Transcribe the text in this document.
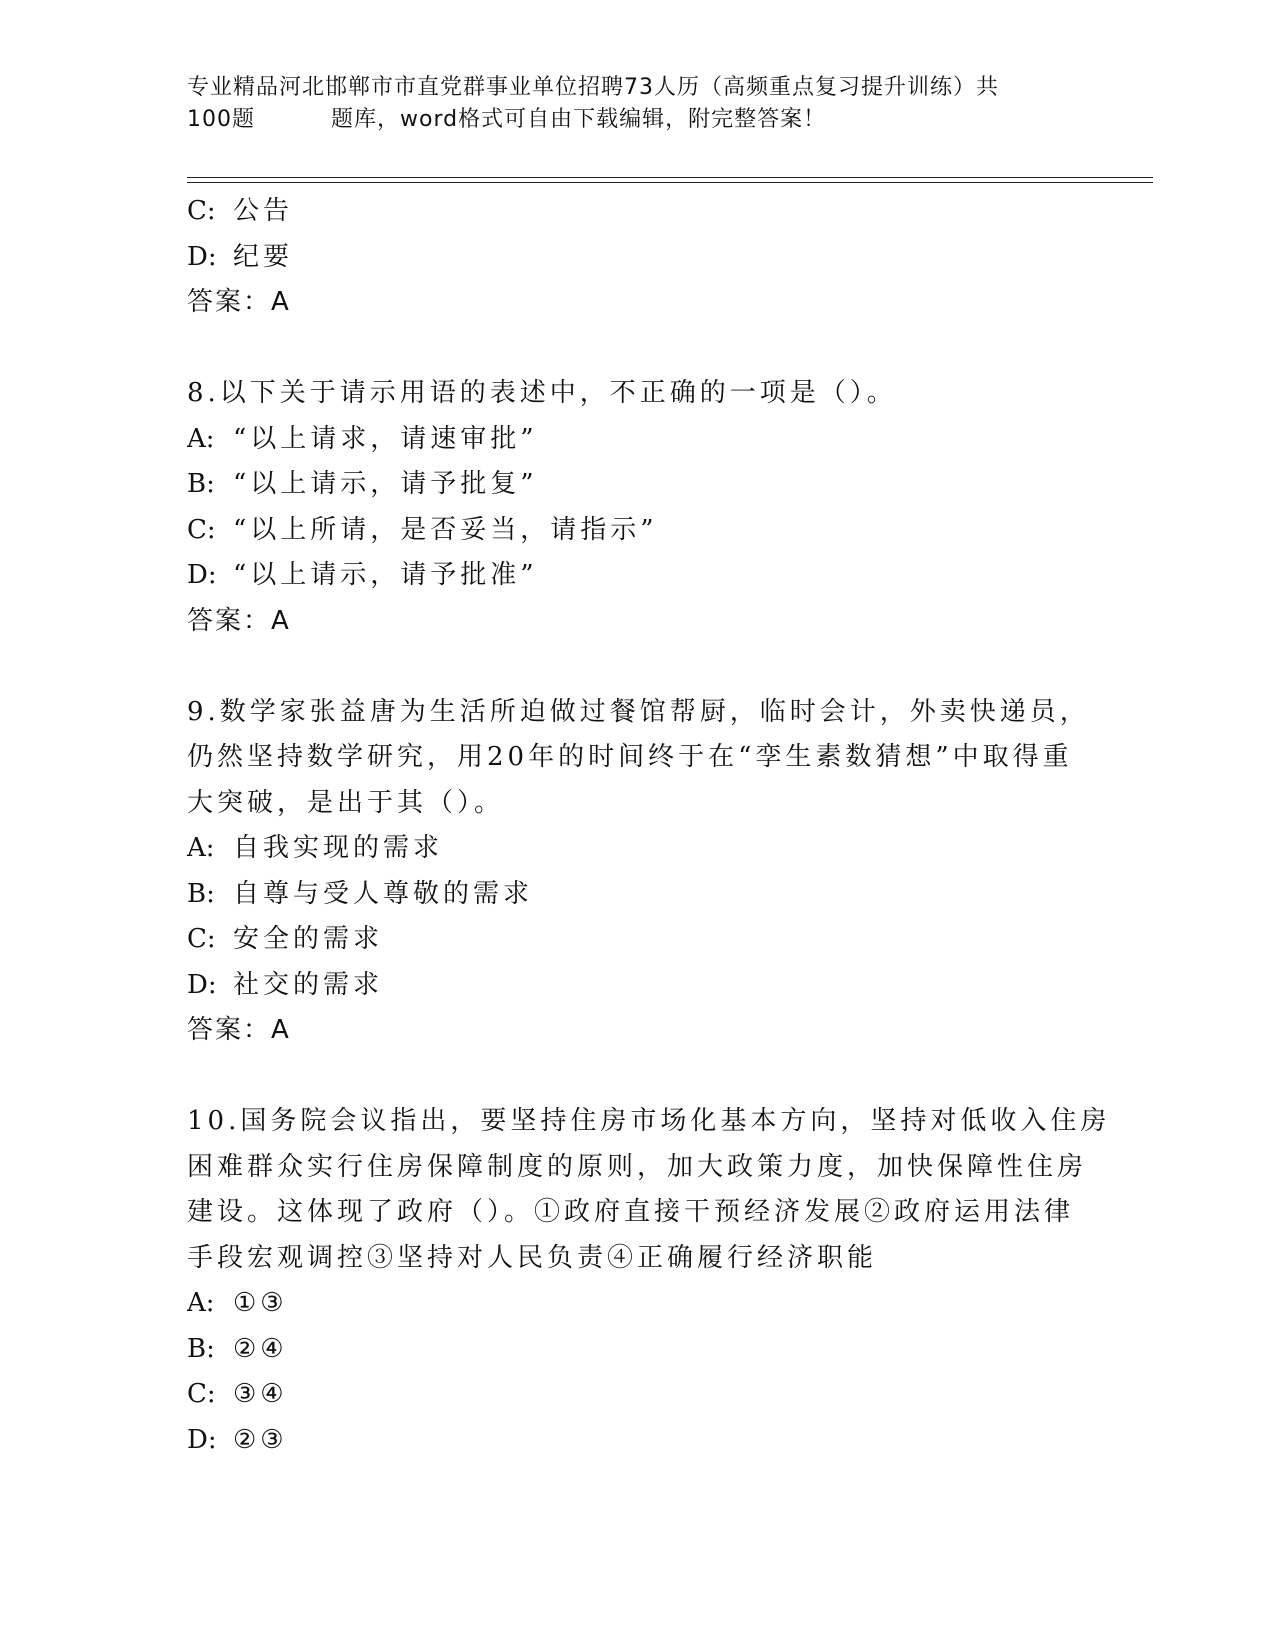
专业精品河北邯郸市市直党群事业单位招聘73人历（高频重点复习提升训练）共
100题	题库，word格式可自由下载编辑，附完整答案！
C: 公告
D: 纪要
答案：A
8.以下关于请示用语的表述中，不正确的一项是（）。
A: “以上请求，请速审批”
B: “以上请示，请予批复”
C: “以上所请，是否妥当，请指示”
D: “以上请示，请予批准”
答案：A
9.数学家张益唐为生活所迫做过餐馆帮厨，临时会计，外卖快递员，
仍然坚持数学研究，用20年的时间终于在“孪生素数猜想”中取得重
大突破，是出于其（）。
A: 自我实现的需求
B: 自尊与受人尊敬的需求
C: 安全的需求
D: 社交的需求
答案：A
10.国务院会议指出，要坚持住房市场化基本方向，坚持对低收入住房
困难群众实行住房保障制度的原则，加大政策力度，加快保障性住房
建设。这体现了政府（）。①政府直接干预经济发展②政府运用法律
手段宏观调控③坚持对人民负责④正确履行经济职能
A: ①③
B: ②④
C: ③④
D: ②③
